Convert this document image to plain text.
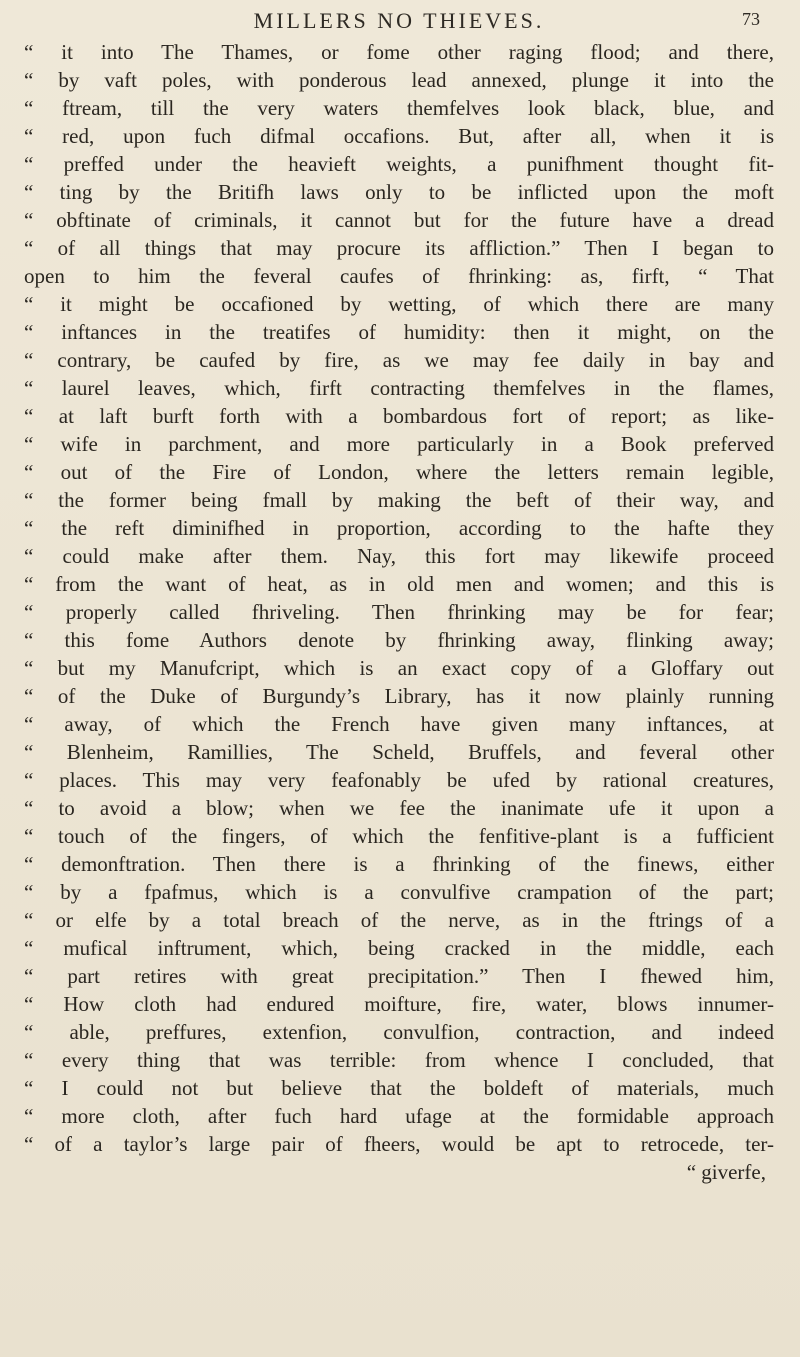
MILLERS NO THIEVES.	73
“ it into The Thames, or fome other raging flood; and there,
“ by vaft poles, with ponderous lead annexed, plunge it into the
“ ftream, till the very waters themfelves look black, blue, and
“ red, upon fuch difmal occafions. But, after all, when it is
“ preffed under the heavieft weights, a punifhment thought fit-
“ ting by the Britifh laws only to be inflicted upon the moft
“ obftinate of criminals, it cannot but for the future have a dread
“ of all things that may procure its affliction.” Then I began to
open to him the feveral caufes of fhrinking: as, firft, “ That
“ it might be occafioned by wetting, of which there are many
“ inftances in the treatifes of humidity: then it might, on the
“ contrary, be caufed by fire, as we may fee daily in bay and
“ laurel leaves, which, firft contracting themfelves in the flames,
“ at laft burft forth with a bombardous fort of report; as like-
“ wife in parchment, and more particularly in a Book preferved
“ out of the Fire of London, where the letters remain legible,
“ the former being fmall by making the beft of their way, and
“ the reft diminifhed in proportion, according to the hafte they
“ could make after them. Nay, this fort may likewife proceed
“ from the want of heat, as in old men and women; and this is
“ properly called fhriveling. Then fhrinking may be for fear;
“ this fome Authors denote by fhrinking away, flinking away;
“ but my Manufcript, which is an exact copy of a Gloffary out
“ of the Duke of Burgundy’s Library, has it now plainly running
“ away, of which the French have given many inftances, at
“ Blenheim, Ramillies, The Scheld, Bruffels, and feveral other
“ places. This may very feafonably be ufed by rational creatures,
“ to avoid a blow; when we fee the inanimate ufe it upon a
“ touch of the fingers, of which the fenfitive-plant is a fufficient
“ demonftration. Then there is a fhrinking of the finews, either
“ by a fpafmus, which is a convulfive crampation of the part;
“ or elfe by a total breach of the nerve, as in the ftrings of a
“ mufical inftrument, which, being cracked in the middle, each
“ part retires with great precipitation.” Then I fhewed him,
“ How cloth had endured moifture, fire, water, blows innumer-
“ able, preffures, extenfion, convulfion, contraction, and indeed
“ every thing that was terrible: from whence I concluded, that
“ I could not but believe that the boldeft of materials, much
“ more cloth, after fuch hard ufage at the formidable approach
“ of a taylor’s large pair of fheers, would be apt to retrocede, ter-
“ giverfe,
